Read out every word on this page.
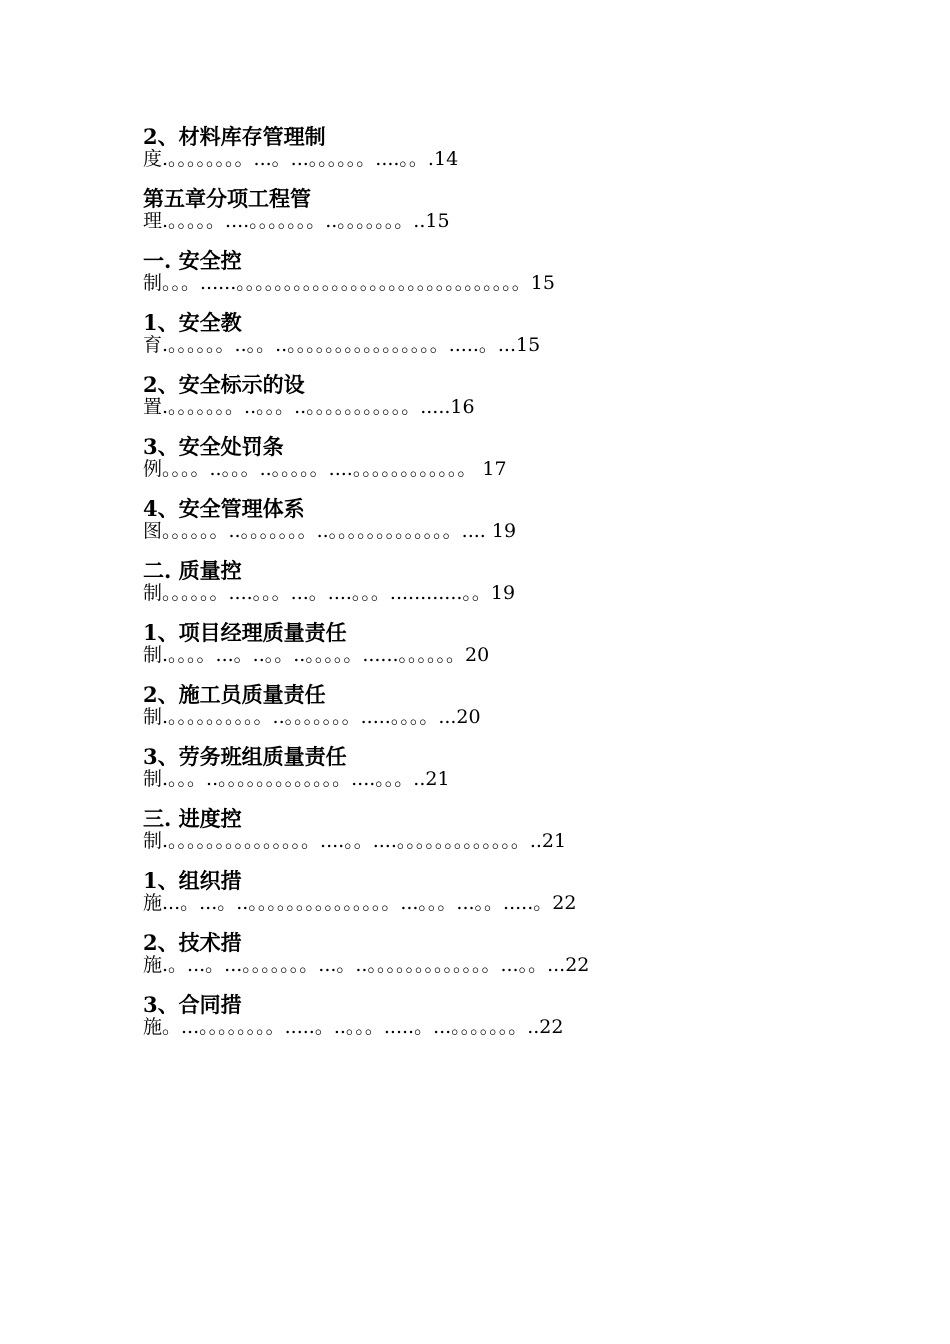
2、材料库存管理制
度.。。。。。。。。...。...。。。。。。....。。.14
第五章分项工程管
理.。。。。。....。。。。。。。..。。。。。。。..15
一. 安全控
制。。。......。。。。。。。。。。。。。。。。。。。。。。。。。。。。。。15
1、安全教
育.。。。。。。..。。..。。。。。。。。。。。。。。。。.....。...15
2、安全标示的设
置.。。。。。。。..。。。..。。。。。。。。。。。.....16
3、安全处罚条
例。。。。..。。。..。。。。。....。。。。。。。。。。。。 17
4、安全管理体系
图。。。。。。..。。。。。。。..。。。。。。。。。。。。。.... 19
二. 质量控
制。。。。。。....。。。...。....。。。............。。19
1、项目经理质量责任
制.。。。。...。..。。..。。。。。......。。。。。。20
2、施工员质量责任
制.。。。。。。。。。。..。。。。。。。.....。。。。...20
3、劳务班组质量责任
制.。。。..。。。。。。。。。。。。。....。。。..21
三. 进度控
制.。。。。。。。。。。。。。。。....。。....。。。。。。。。。。。。。..21
1、组织措
施...。...。..。。。。。。。。。。。。。。。...。。。...。。.....。22
2、技术措
施.。...。...。。。。。。。...。..。。。。。。。。。。。。。...。。...22
3、合同措
施。...。。。。。。。。.....。..。。。.....。...。。。。。。。..22
